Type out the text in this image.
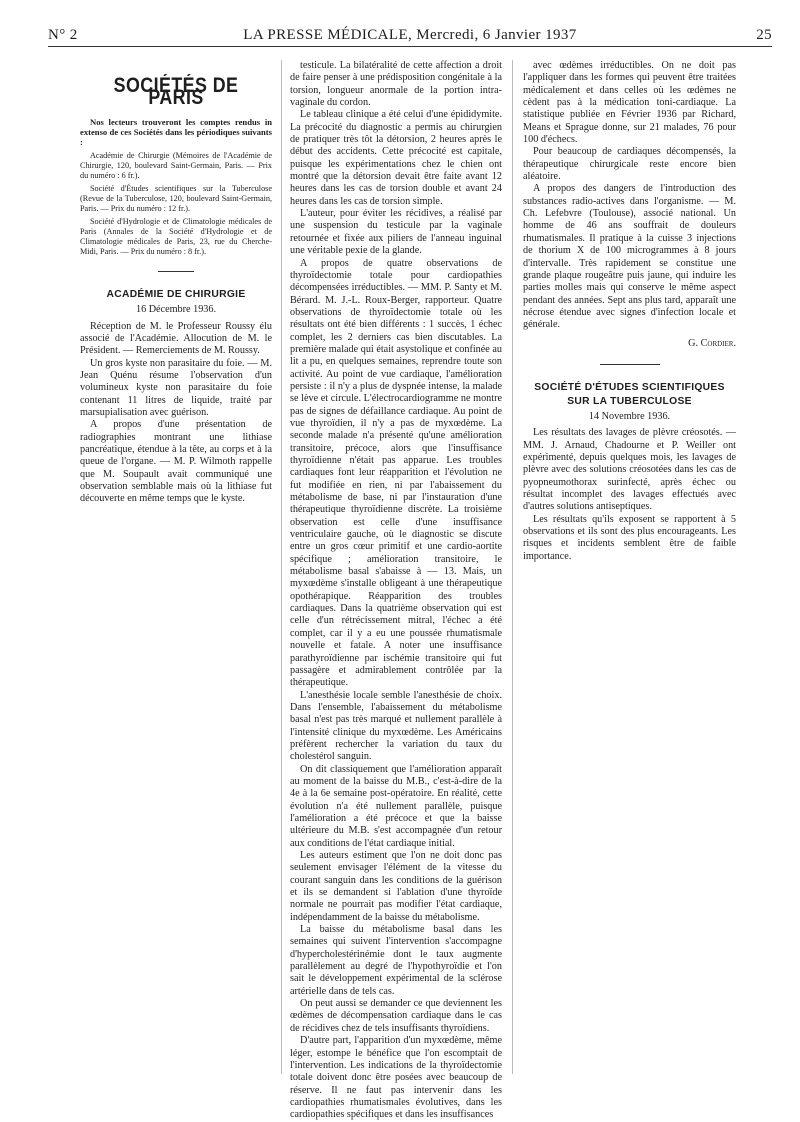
N° 2	LA PRESSE MÉDICALE, Mercredi, 6 Janvier 1937	25
SOCIÉTÉS DE PARIS

Nos lecteurs trouveront les comptes rendus in extenso de ces Sociétés dans les périodiques suivants :

Académie de Chirurgie (Mémoires de l'Académie de Chirurgie, 120, boulevard Saint-Germain, Paris. — Prix du numéro : 6 fr.).

Société d'Études scientifiques sur la Tuberculose (Revue de la Tuberculose, 120, boulevard Saint-Germain, Paris. — Prix du numéro : 12 fr.).

Société d'Hydrologie et de Climatologie médicales de Paris (Annales de la Société d'Hydrologie et de Climatologie médicales de Paris, 23, rue du Cherche-Midi, Paris. — Prix du numéro : 8 fr.).

ACADÉMIE DE CHIRURGIE
16 Décembre 1936.

Réception de M. le Professeur Roussy élu associé de l'Académie. Allocution de M. le Président. — Remerciements de M. Roussy.

Un gros kyste non parasitaire du foie. — M. Jean Quénu résume l'observation d'un volumineux kyste non parasitaire du foie contenant 11 litres de liquide, traité par marsupialisation avec guérison.

A propos d'une présentation de radiographies montrant une lithiase pancréatique, étendue à la tête, au corps et à la queue de l'organe. — M. P. Wilmoth rappelle que M. Soupault avait communiqué une observation semblable mais où la lithiase fut découverte en même temps que le kyste.

testicule. La bilatéralité de cette affection a droit de faire penser à une prédisposition congénitale à la torsion, longueur anormale de la portion intra-vaginale du cordon.

Le tableau clinique a été celui d'une épididymite. La précocité du diagnostic a permis au chirurgien de pratiquer très tôt la détorsion, 2 heures après le début des accidents. Cette précocité est capitale, puisque les expérimentations chez le chien ont montré que la détorsion devait être faite avant 12 heures dans les cas de torsion double et avant 24 heures dans les cas de torsion simple.

L'auteur, pour éviter les récidives, a réalisé par une suspension du testicule par la vaginale retournée et fixée aux piliers de l'anneau inguinal une véritable pexie de la glande.

A propos de quatre observations de thyroïdectomie totale pour cardiopathies décompensées irréductibles. — MM. P. Santy et M. Bérard. M. J.-L. Roux-Berger, rapporteur. Quatre observations de thyroïdectomie totale où les résultats ont été bien différents : 1 succès, 1 échec complet, les 2 derniers cas bien discutables. La première malade qui était asystolique et confinée au lit a pu, en quelques semaines, reprendre toute son activité. Au point de vue cardiaque, l'amélioration persiste : il n'y a plus de dyspnée intense, la malade se lève et circule. L'électrocardiogramme ne montre pas de signes de défaillance cardiaque. Au point de vue thyroïdien, il n'y a pas de myxœdème. La seconde malade n'a présenté qu'une amélioration transitoire, précoce, alors que l'insuffisance thyroïdienne n'était pas apparue. Les troubles cardiaques font leur réapparition et l'évolution ne fut modifiée en rien, ni par l'abaissement du métabolisme de base, ni par l'instauration d'une thérapeutique thyroïdienne discrète. La troisième observation est celle d'une insuffisance ventriculaire gauche, où le diagnostic se discute entre un gros cœur primitif et une cardio-aortite spécifique ; amélioration transitoire, le métabolisme basal s'abaisse à — 13. Mais, un myxœdème s'installe obligeant à une thérapeutique opothérapique. Réapparition des troubles cardiaques. Dans la quatrième observation qui est celle d'un rétrécissement mitral, l'échec a été complet, car il y a eu une poussée rhumatismale nouvelle et fatale. A noter une insuffisance parathyroïdienne par ischémie transitoire qui fut passagère et admirablement contrôlée par la thérapeutique.

L'anesthésie locale semble l'anesthésie de choix. Dans l'ensemble, l'abaissement du métabolisme basal n'est pas très marqué et nullement parallèle à l'intensité clinique du myxœdème. Les Américains préfèrent rechercher la variation du taux du cholestérol sanguin.

On dit classiquement que l'amélioration apparaît au moment de la baisse du M.B., c'est-à-dire de la 4e à la 6e semaine post-opératoire. En réalité, cette évolution n'a été nullement parallèle, puisque l'amélioration a été précoce et que la baisse ultérieure du M.B. s'est accompagnée d'un retour aux conditions de l'état cardiaque initial.

Les auteurs estiment que l'on ne doit donc pas seulement envisager l'élément de la vitesse du courant sanguin dans les conditions de la guérison et ils se demandent si l'ablation d'une thyroïde normale ne pourrait pas modifier l'état cardiaque, indépendamment de la baisse du métabolisme.

La baisse du métabolisme basal dans les semaines qui suivent l'intervention s'accompagne d'hypercholestérinémie dont le taux augmente parallèlement au degré de l'hypothyroïdie et l'on sait le développement expérimental de la sclérose artérielle dans de tels cas.

On peut aussi se demander ce que deviennent les œdèmes de décompensation cardiaque dans le cas de récidives chez de tels insuffisants thyroïdiens.

D'autre part, l'apparition d'un myxœdème, même léger, estompe le bénéfice que l'on escomptait de l'intervention. Les indications de la thyroïdectomie totale doivent donc être posées avec beaucoup de réserve. Il ne faut pas intervenir dans les cardiopathies rhumatismales évolutives, dans les cardiopathies spécifiques et dans les insuffisances

avec œdèmes irréductibles. On ne doit pas l'appliquer dans les formes qui peuvent être traitées médicalement et dans celles où les œdèmes ne cèdent pas à la médication toni-cardiaque. La statistique publiée en Février 1936 par Richard, Means et Sprague donne, sur 21 malades, 76 pour 100 d'échecs.

Pour beaucoup de cardiaques décompensés, la thérapeutique chirurgicale reste encore bien aléatoire.

A propos des dangers de l'introduction des substances radio-actives dans l'organisme. — M. Ch. Lefebvre (Toulouse), associé national. Un homme de 46 ans souffrait de douleurs rhumatismales. Il pratique à la cuisse 3 injections de thorium X de 100 microgrammes à 8 jours d'intervalle. Très rapidement se constitue une grande plaque rougeâtre puis jaune, qui induire les parties molles mais qui conserve le même aspect pendant des années. Sept ans plus tard, apparaît une nécrose étendue avec signes d'infection locale et générale.

G. Cordier.
SOCIÉTÉ D'ÉTUDES SCIENTIFIQUES SUR LA TUBERCULOSE
14 Novembre 1936.

Les résultats des lavages de plèvre créosotés. — MM. J. Arnaud, Chadourne et P. Weiller ont expérimenté, depuis quelques mois, les lavages de plèvre avec des solutions créosotées dans les cas de pyopneumothorax surinfecté, après échec ou résultat incomplet des lavages effectués avec d'autres solutions antiseptiques.

Les résultats qu'ils exposent se rapportent à 5 observations et ils sont des plus encourageants. Les risques et incidents semblent être de faible importance.
